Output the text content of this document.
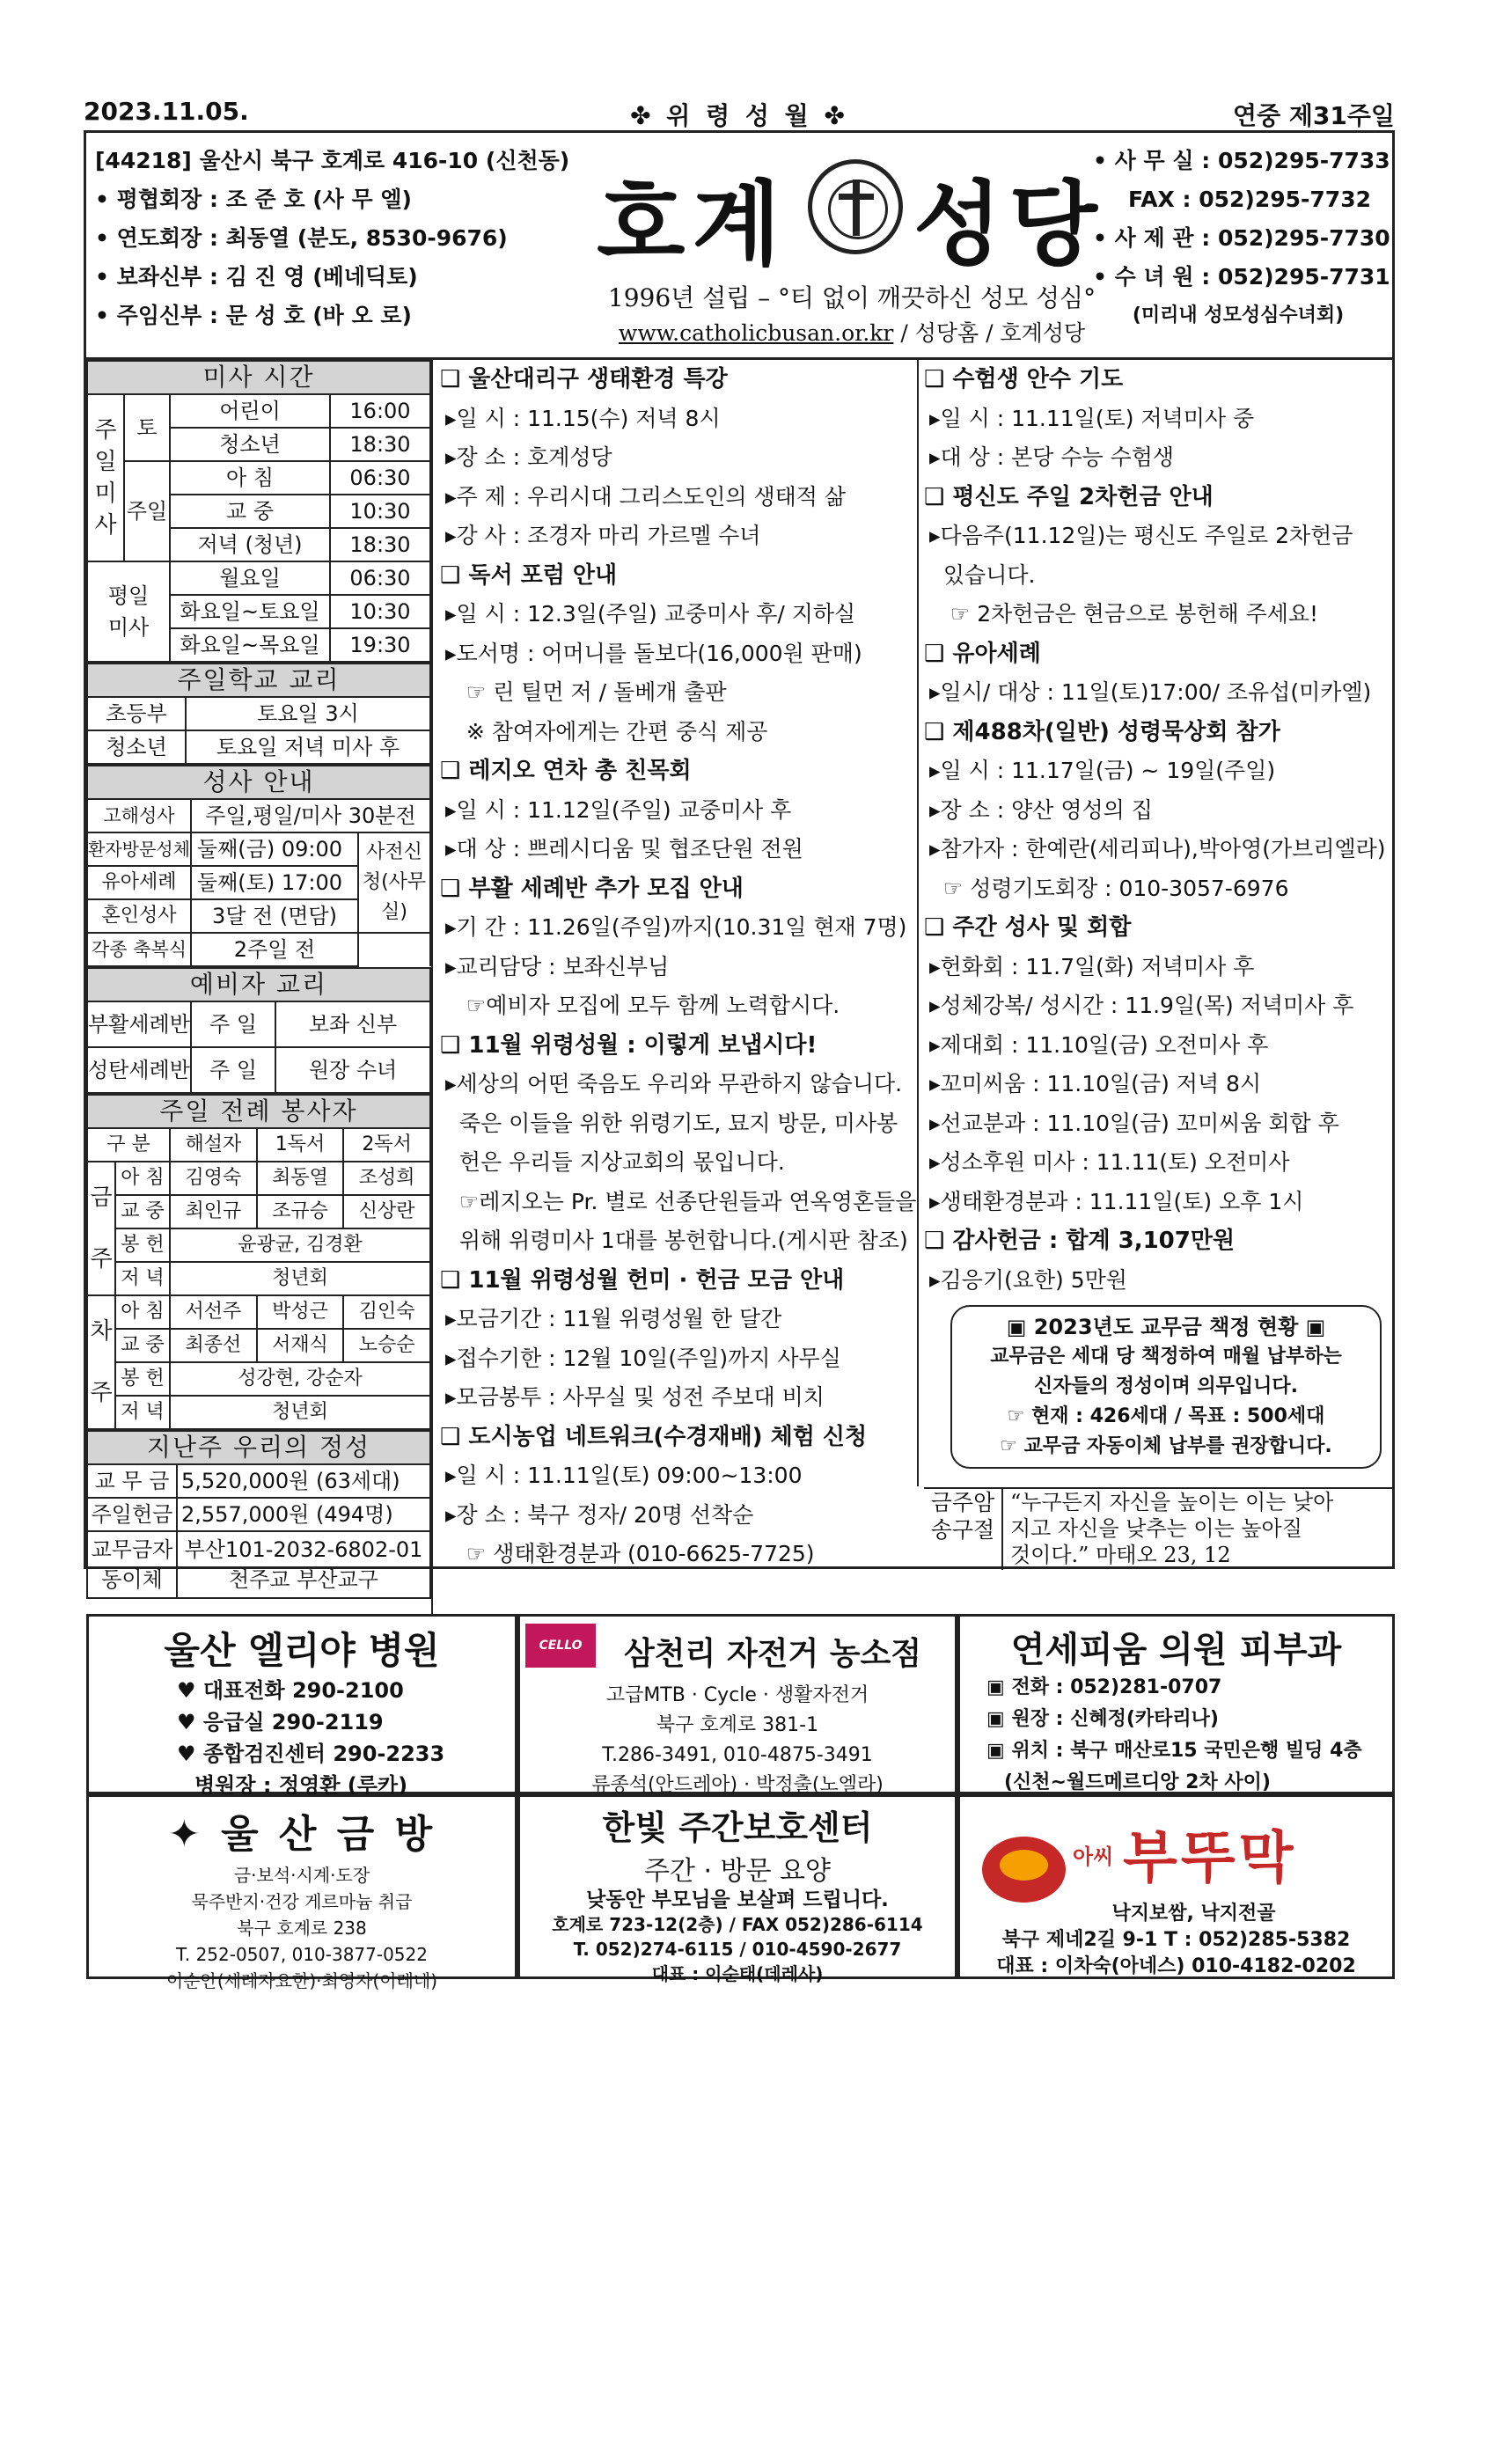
2023.11.05.	✤ 위 령 성 월 ✤	연중 제31주일
[44218] 울산시 북구 호계로 416-10 (신천동)
• 평협회장 : 조 준 호 (사 무 엘)
• 연도회장 : 최동열 (분도, 8530-9676)
• 보좌신부 : 김 진 영 (베네딕토)
• 주임신부 : 문 성 호 (바 오 로)
호계 성당
1996년 설립 – °티 없이 깨끗하신 성모 성심°
www.catholicbusan.or.kr / 성당홈 / 호계성당
• 사 무 실 : 052)295-7733
FAX : 052)295-7732
• 사 제 관 : 052)295-7730
• 수 녀 원 : 052)295-7731
(미리내 성모성심수녀회)
미사 시간			
주일미사	토	어린이	16:00
		청소년	18:30
	주일	아 침	06:30
		교 중	10:30
		저녁 (청년)	18:30
평일미사		월요일	06:30
		화요일~토요일	10:30
		화요일~목요일	19:30
주일학교 교리	
초등부	토요일 3시
청소년	토요일 저녁 미사 후
성사 안내		
고해성사	주일,평일/미사 30분전	
환자방문성체	둘째(금) 09:00	사전신청(사무실)
유아세례	둘째(토) 17:00	
혼인성사	3달 전 (면담)	
각종 축복식	2주일 전	
예비자 교리		
부활세례반	주 일	보좌 신부
성탄세례반	주 일	원장 수녀
주일 전례 봉사자				
구 분		해설자	1독서	2독서
금주	아 침	김영숙	최동열	조성희
	교 중	최인규	조규승	신상란
	봉 헌	윤광균, 김경환		
	저 녁	청년회		
차주	아 침	서선주	박성근	김인숙
	교 중	최종선	서재식	노승순
	봉 헌	성강현, 강순자		
	저 녁	청년회		
지난주 우리의 정성	
교 무 금	5,520,000원 (63세대)
주일헌금	2,557,000원 (494명)
교무금자동이체	부산101-2032-6802-01
천주교 부산교구
❑ 울산대리구 생태환경 특강
▸일 시 : 11.15(수) 저녁 8시
▸장 소 : 호계성당
▸주 제 : 우리시대 그리스도인의 생태적 삶
▸강 사 : 조경자 마리 가르멜 수녀
❑ 독서 포럼 안내
▸일 시 : 12.3일(주일) 교중미사 후/ 지하실
▸도서명 : 어머니를 돌보다(16,000원 판매)
☞ 린 틸먼 저 / 돌베개 출판
※ 참여자에게는 간편 중식 제공
❑ 레지오 연차 총 친목회
▸일 시 : 11.12일(주일) 교중미사 후
▸대 상 : 쁘레시디움 및 협조단원 전원
❑ 부활 세례반 추가 모집 안내
▸기 간 : 11.26일(주일)까지(10.31일 현재 7명)
▸교리담당 : 보좌신부님
☞예비자 모집에 모두 함께 노력합시다.
❑ 11월 위령성월 : 이렇게 보냅시다!
▸세상의 어떤 죽음도 우리와 무관하지 않습니다.
죽은 이들을 위한 위령기도, 묘지 방문, 미사봉
헌은 우리들 지상교회의 몫입니다.
☞레지오는 Pr. 별로 선종단원들과 연옥영혼들을
위해 위령미사 1대를 봉헌합니다.(게시판 참조)
❑ 11월 위령성월 헌미 · 헌금 모금 안내
▸모금기간 : 11월 위령성월 한 달간
▸접수기한 : 12월 10일(주일)까지 사무실
▸모금봉투 : 사무실 및 성전 주보대 비치
❑ 도시농업 네트워크(수경재배) 체험 신청
▸일 시 : 11.11일(토) 09:00~13:00
▸장 소 : 북구 정자/ 20명 선착순
☞ 생태환경분과 (010-6625-7725)
❑ 수험생 안수 기도
▸일 시 : 11.11일(토) 저녁미사 중
▸대 상 : 본당 수능 수험생
❑ 평신도 주일 2차헌금 안내
▸다음주(11.12일)는 평신도 주일로 2차헌금
있습니다.
☞ 2차헌금은 현금으로 봉헌해 주세요!
❑ 유아세례
▸일시/ 대상 : 11일(토)17:00/ 조유섭(미카엘)
❑ 제488차(일반) 성령묵상회 참가
▸일 시 : 11.17일(금) ~ 19일(주일)
▸장 소 : 양산 영성의 집
▸참가자 : 한예란(세리피나),박아영(가브리엘라)
☞ 성령기도회장 : 010-3057-6976
❑ 주간 성사 및 회합
▸헌화회 : 11.7일(화) 저녁미사 후
▸성체강복/ 성시간 : 11.9일(목) 저녁미사 후
▸제대회 : 11.10일(금) 오전미사 후
▸꼬미씨움 : 11.10일(금) 저녁 8시
▸선교분과 : 11.10일(금) 꼬미씨움 회합 후
▸성소후원 미사 : 11.11(토) 오전미사
▸생태환경분과 : 11.11일(토) 오후 1시
❑ 감사헌금 : 합계 3,107만원
▸김응기(요한) 5만원
▣ 2023년도 교무금 책정 현황 ▣
교무금은 세대 당 책정하여 매월 납부하는
신자들의 정성이며 의무입니다.
☞ 현재 : 426세대 / 목표 : 500세대
☞ 교무금 자동이체 납부를 권장합니다.
금주암송구절
“누구든지 자신을 높이는 이는 낮아
지고 자신을 낮추는 이는 높아질
것이다.” 마태오 23, 12
울산 엘리야 병원
♥ 대표전화 290-2100
♥ 응급실 290-2119
♥ 종합검진센터 290-2233
병원장 : 정영환 (루카)
CELLO	삼천리 자전거 농소점
고급MTB · Cycle · 생활자전거
북구 호계로 381-1
T.286-3491, 010-4875-3491
류종석(안드레아) · 박정출(노엘라)
연세피움 의원 피부과
▣ 전화 : 052)281-0707
▣ 원장 : 신혜정(카타리나)
▣ 위치 : 북구 매산로15 국민은행 빌딩 4층
(신천~월드메르디앙 2차 사이)
✦ 울 산 금 방
금·보석·시계·도장
묵주반지·건강 게르마늄 취급
북구 호계로 238
T. 252-0507, 010-3877-0522
이순안(세례자요한)·최영자(이레네)
한빛 주간보호센터
주간 · 방문 요양
낮동안 부모님을 보살펴 드립니다.
호계로 723-12(2층) / FAX 052)286-6114
T. 052)274-6115 / 010-4590-2677
대표 : 이순태(데레사)
아씨 부뚜막
낙지보쌈, 낙지전골
북구 제네2길 9-1 T : 052)285-5382
대표 : 이차숙(아네스) 010-4182-0202
